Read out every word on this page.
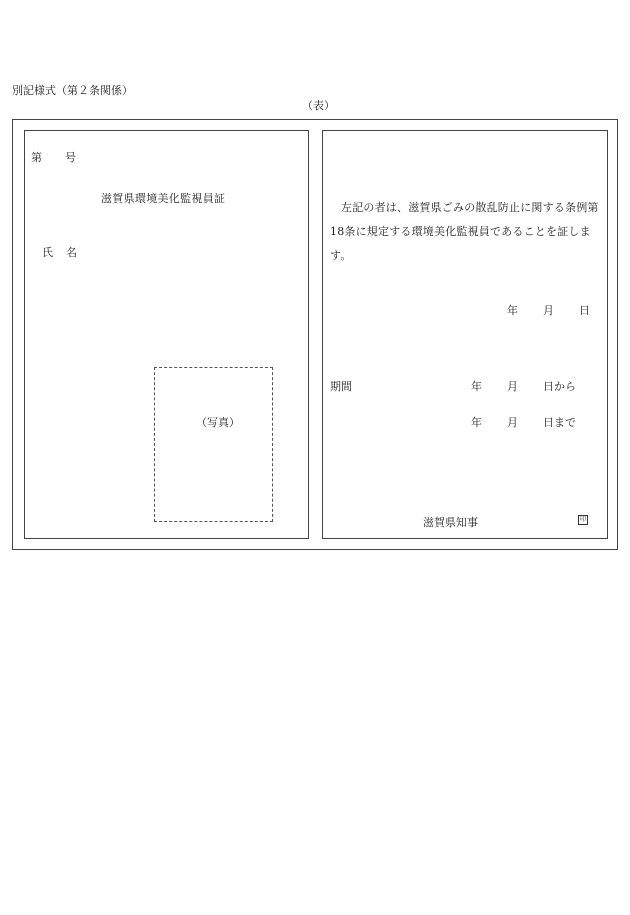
別記様式（第２条関係）
（表）
第 号
滋賀県環境美化監視員証
氏 名
（写真）
左記の者は、滋賀県ごみの散乱防止に関する条例第18条に規定する環境美化監視員であることを証します。
年 月 日
期間	年 月 日から
年 月 日まで
滋賀県知事	印
